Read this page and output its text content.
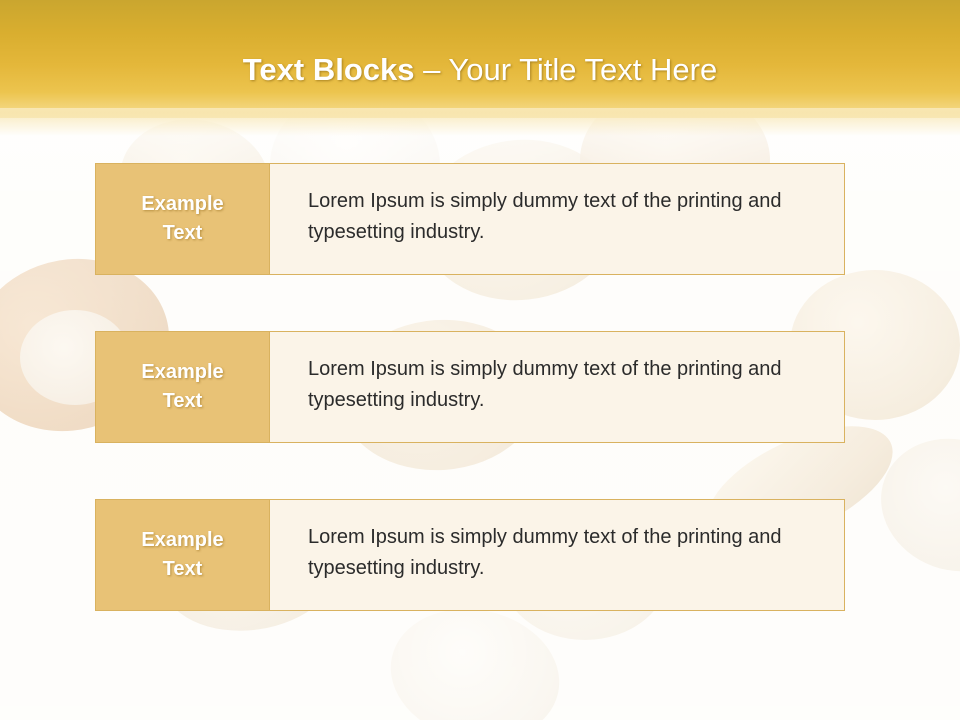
Text Blocks – Your Title Text Here
Example
Text
Lorem Ipsum is simply dummy text of the printing and typesetting industry.
Example
Text
Lorem Ipsum is simply dummy text of the printing and typesetting industry.
Example
Text
Lorem Ipsum is simply dummy text of the printing and typesetting industry.
